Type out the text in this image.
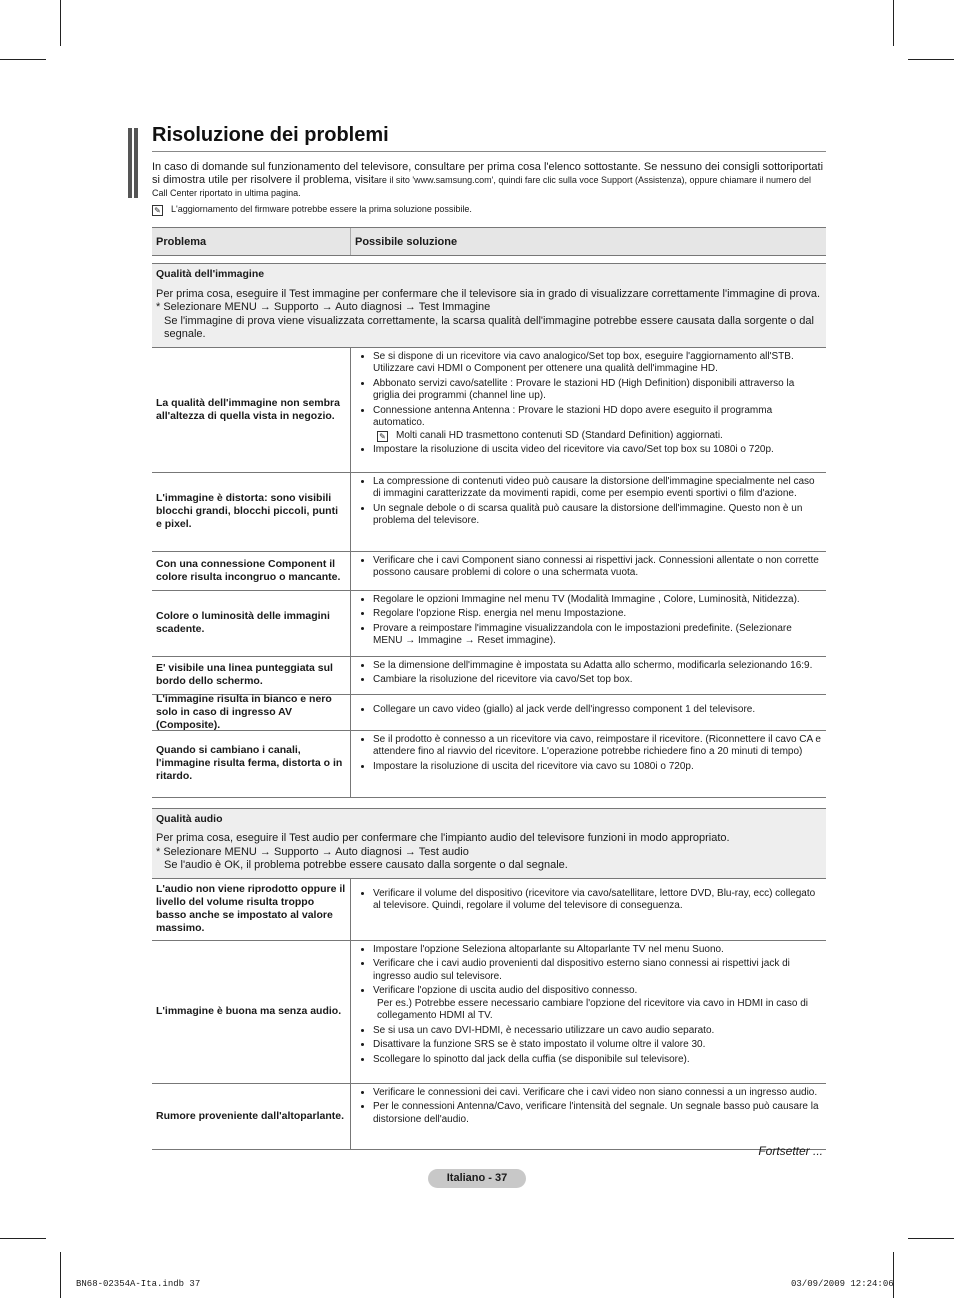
Risoluzione dei problemi
In caso di domande sul funzionamento del televisore, consultare per prima cosa l'elenco sottostante. Se nessuno dei consigli sottoriportati si dimostra utile per risolvere il problema, visitare il sito 'www.samsung.com', quindi fare clic sulla voce Support (Assistenza), oppure chiamare il numero del Call Center riportato in ultima pagina.
✎ L'aggiornamento del firmware potrebbe essere la prima soluzione possibile.
Problema	Possibile soluzione
Qualità dell'immagine
Per prima cosa, eseguire il Test immagine per confermare che il televisore sia in grado di visualizzare correttamente l'immagine di prova.
* Selezionare MENU → Supporto → Auto diagnosi → Test Immagine
Se l'immagine di prova viene visualizzata correttamente, la scarsa qualità dell'immagine potrebbe essere causata dalla sorgente o dal segnale.
La qualità dell'immagine non sembra all'altezza di quella vista in negozio.
• Se si dispone di un ricevitore via cavo analogico/Set top box, eseguire l'aggiornamento all'STB. Utilizzare cavi HDMI o Component per ottenere una qualità dell'immagine HD.
• Abbonato servizi cavo/satellite : Provare le stazioni HD (High Definition) disponibili attraverso la griglia dei programmi (channel line up).
• Connessione antenna Antenna : Provare le stazioni HD dopo avere eseguito il programma automatico.
✎ Molti canali HD trasmettono contenuti SD (Standard Definition) aggiornati.
• Impostare la risoluzione di uscita video del ricevitore via cavo/Set top box su 1080i o 720p.
L'immagine è distorta: sono visibili blocchi grandi, blocchi piccoli, punti e pixel.
• La compressione di contenuti video può causare la distorsione dell'immagine specialmente nel caso di immagini caratterizzate da movimenti rapidi, come per esempio eventi sportivi o film d'azione.
• Un segnale debole o di scarsa qualità può causare la distorsione dell'immagine. Questo non è un problema del televisore.
Con una connessione Component il colore risulta incongruo o mancante.
• Verificare che i cavi Component siano connessi ai rispettivi jack. Connessioni allentate o non corrette possono causare problemi di colore o una schermata vuota.
Colore o luminosità delle immagini scadente.
• Regolare le opzioni Immagine nel menu TV (Modalità Immagine , Colore, Luminosità, Nitidezza).
• Regolare l'opzione Risp. energia nel menu Impostazione.
• Provare a reimpostare l'immagine visualizzandola con le impostazioni predefinite. (Selezionare MENU → Immagine → Reset immagine).
E' visibile una linea punteggiata sul bordo dello schermo.
• Se la dimensione dell'immagine è impostata su Adatta allo schermo, modificarla selezionando 16:9.
• Cambiare la risoluzione del ricevitore via cavo/Set top box.
L'immagine risulta in bianco e nero solo in caso di ingresso AV (Composite).
• Collegare un cavo video (giallo) al jack verde dell'ingresso component 1 del televisore.
Quando si cambiano i canali, l'immagine risulta ferma, distorta o in ritardo.
• Se il prodotto è connesso a un ricevitore via cavo, reimpostare il ricevitore. (Riconnettere il cavo CA e attendere fino al riavvio del ricevitore. L'operazione potrebbe richiedere fino a 20 minuti di tempo)
• Impostare la risoluzione di uscita del ricevitore via cavo su 1080i o 720p.
Qualità audio
Per prima cosa, eseguire il Test audio per confermare che l'impianto audio del televisore funzioni in modo appropriato.
* Selezionare MENU → Supporto → Auto diagnosi → Test audio
Se l'audio è OK, il problema potrebbe essere causato dalla sorgente o dal segnale.
L'audio non viene riprodotto oppure il livello del volume risulta troppo basso anche se impostato al valore massimo.
• Verificare il volume del dispositivo (ricevitore via cavo/satellitare, lettore DVD, Blu-ray, ecc) collegato al televisore. Quindi, regolare il volume del televisore di conseguenza.
L'immagine è buona ma senza audio.
• Impostare l'opzione Seleziona altoparlante su Altoparlante TV nel menu Suono.
• Verificare che i cavi audio provenienti dal dispositivo esterno siano connessi ai rispettivi jack di ingresso audio sul televisore.
• Verificare l'opzione di uscita audio del dispositivo connesso.
Per es.) Potrebbe essere necessario cambiare l'opzione del ricevitore via cavo in HDMI in caso di collegamento HDMI al TV.
• Se si usa un cavo DVI-HDMI, è necessario utilizzare un cavo audio separato.
• Disattivare la funzione SRS se è stato impostato il volume oltre il valore 30.
• Scollegare lo spinotto dal jack della cuffia (se disponibile sul televisore).
Rumore proveniente dall'altoparlante.
• Verificare le connessioni dei cavi. Verificare che i cavi video non siano connessi a un ingresso audio.
• Per le connessioni Antenna/Cavo, verificare l'intensità del segnale. Un segnale basso può causare la distorsione dell'audio.
Fortsetter ...
Italiano - 37
BN68-02354A-Ita.indb 37	03/09/2009 12:24:06
